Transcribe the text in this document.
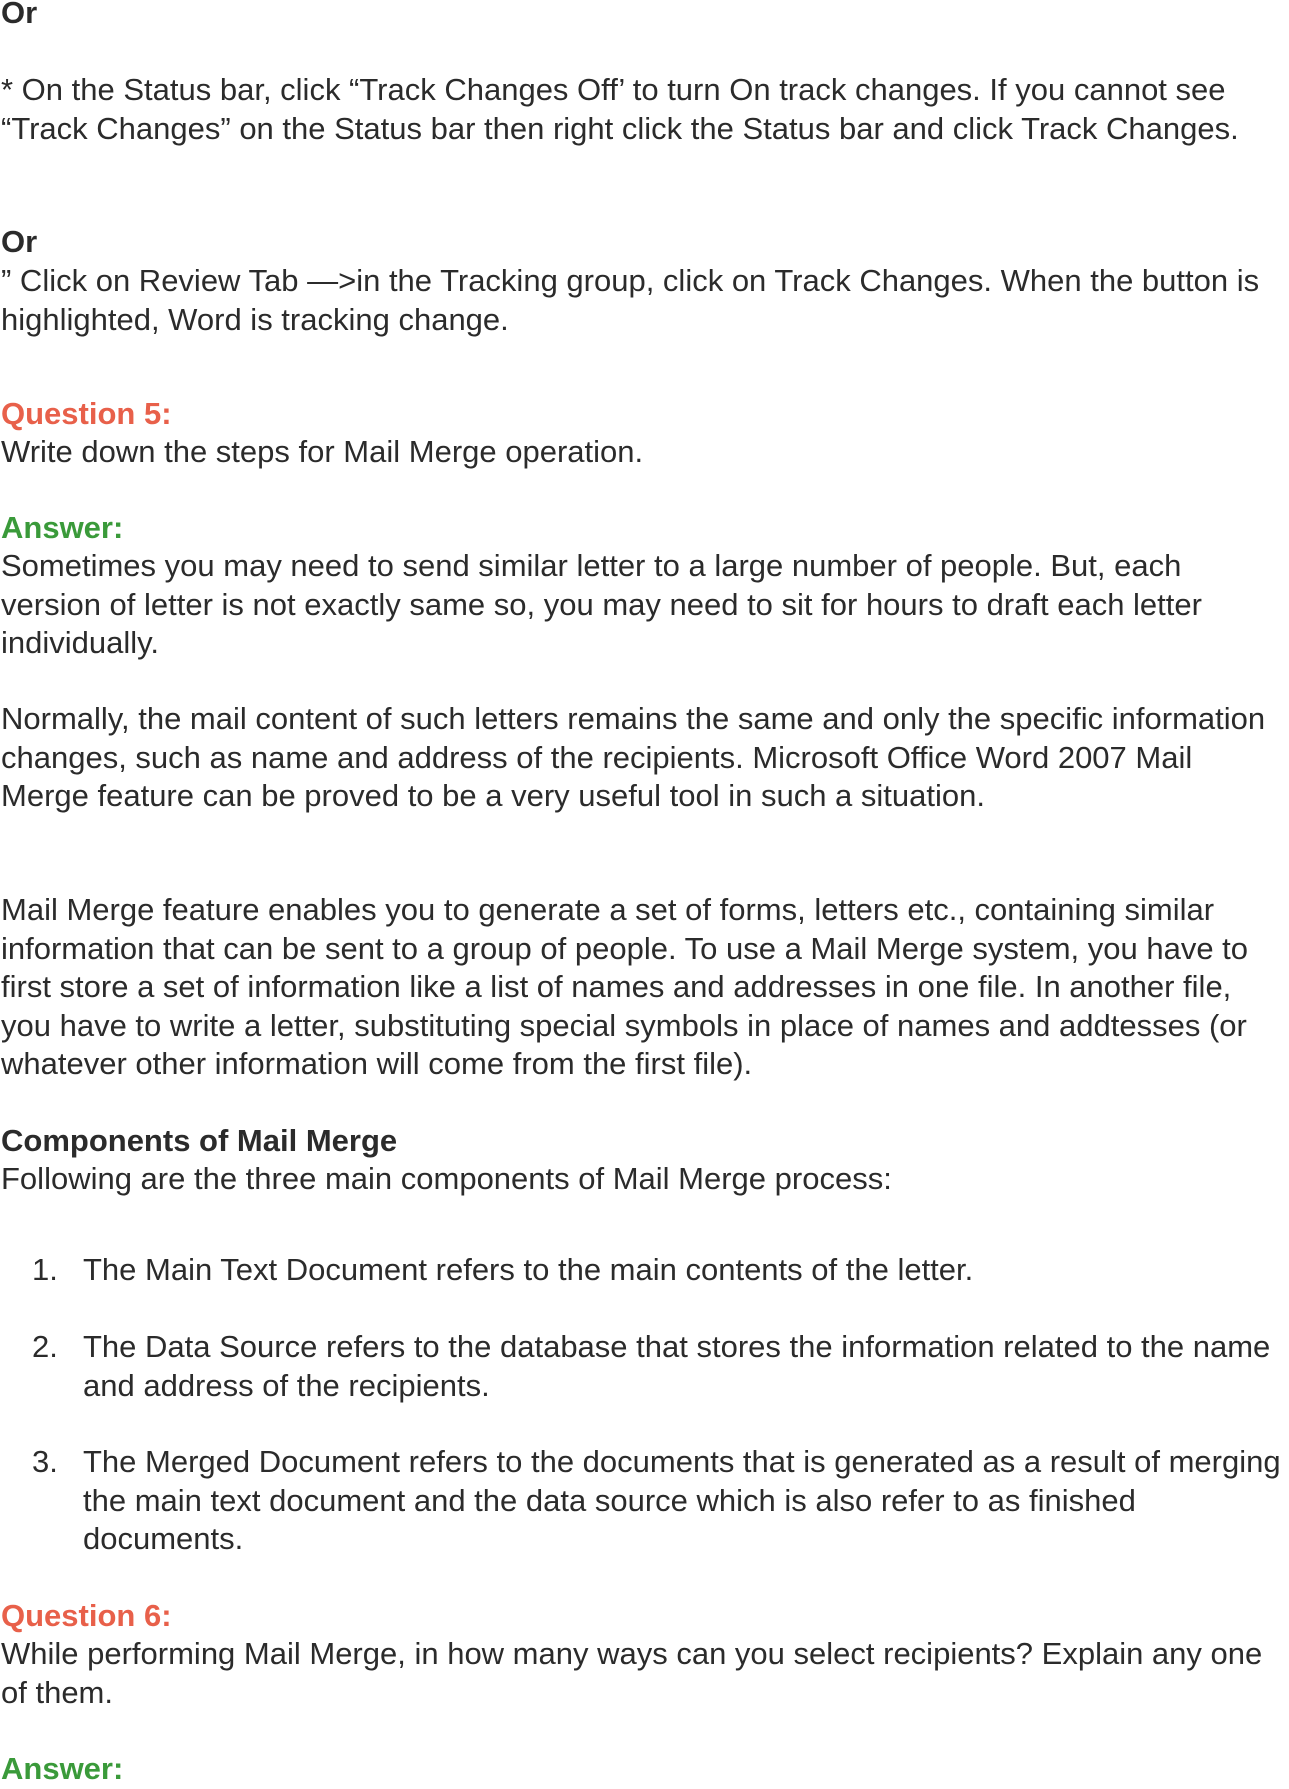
Or

* On the Status bar, click “Track Changes Off’ to turn On track changes. If you cannot see “Track Changes” on the Status bar then right click the Status bar and click Track Changes.

Or

” Click on Review Tab —>in the Tracking group, click on Track Changes. When the button is highlighted, Word is tracking change.

Question 5:

Write down the steps for Mail Merge operation.

Answer:

Sometimes you may need to send similar letter to a large number of people. But, each version of letter is not exactly same so, you may need to sit for hours to draft each letter individually.

Normally, the mail content of such letters remains the same and only the specific information changes, such as name and address of the recipients. Microsoft Office Word 2007 Mail Merge feature can be proved to be a very useful tool in such a situation.

Mail Merge feature enables you to generate a set of forms, letters etc., containing similar information that can be sent to a group of people. To use a Mail Merge system, you have to first store a set of information like a list of names and addresses in one file. In another file, you have to write a letter, substituting special symbols in place of names and addtesses (or whatever other information will come from the first file).

Components of Mail Merge

Following are the three main components of Mail Merge process:

1. The Main Text Document refers to the main contents of the letter.
2. The Data Source refers to the database that stores the information related to the name and address of the recipients.
3. The Merged Document refers to the documents that is generated as a result of merging the main text document and the data source which is also refer to as finished documents.
Question 6:

While performing Mail Merge, in how many ways can you select recipients? Explain any one of them.

Answer:
